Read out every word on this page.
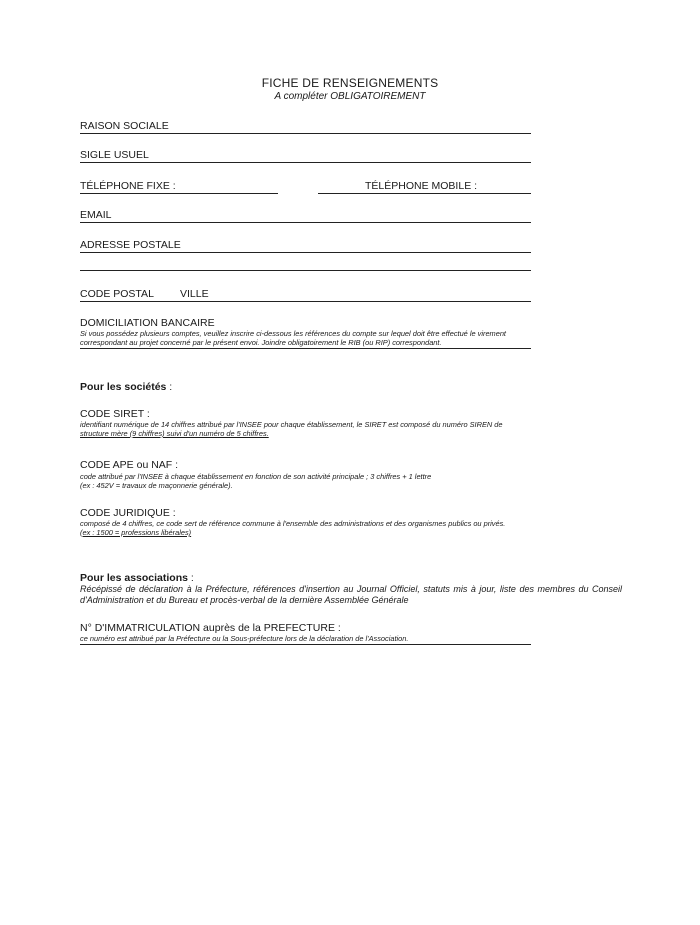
FICHE DE RENSEIGNEMENTS
A compléter OBLIGATOIREMENT
RAISON SOCIALE
SIGLE USUEL
TÉLÉPHONE FIXE :	TÉLÉPHONE MOBILE :
EMAIL
ADRESSE POSTALE
CODE POSTAL VILLE
DOMICILIATION BANCAIRE
Si vous possédez plusieurs comptes, veuillez inscrire ci-dessous les références du compte sur lequel doit être effectué le virement
correspondant au projet concerné par le présent envoi. Joindre obligatoirement le RIB (ou RIP) correspondant.
Pour les sociétés :
CODE SIRET :
identifiant numérique de 14 chiffres attribué par l'INSEE pour chaque établissement, le SIRET est composé du numéro SIREN de
structure mère (9 chiffres) suivi d'un numéro de 5 chiffres.
CODE APE ou NAF :
code attribué par l'INSEE à chaque établissement en fonction de son activité principale ; 3 chiffres + 1 lettre
(ex : 452V = travaux de maçonnerie générale).
CODE JURIDIQUE :
composé de 4 chiffres, ce code sert de référence commune à l'ensemble des administrations et des organismes publics ou privés.
(ex : 1500 = professions libérales)
Pour les associations :
Récépissé de déclaration à la Préfecture, références d'insertion au Journal Officiel, statuts mis à jour, liste des membres du Conseil d'Administration et du Bureau et procès-verbal de la dernière Assemblée Générale
N° D'IMMATRICULATION auprès de la PREFECTURE :
ce numéro est attribué par la Préfecture ou la Sous-préfecture lors de la déclaration de l'Association.
